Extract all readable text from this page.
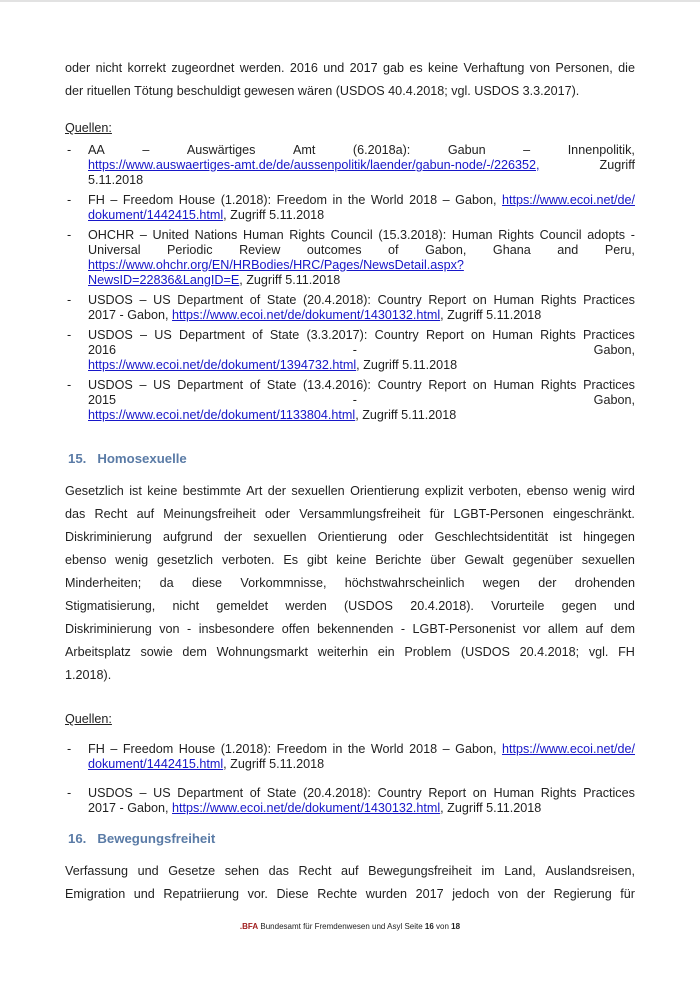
oder nicht korrekt zugeordnet werden. 2016 und 2017 gab es keine Verhaftung von Personen, die
der rituellen Tötung beschuldigt gewesen wären (USDOS 40.4.2018; vgl. USDOS 3.3.2017).
Quellen:
-	AA	–	Auswärtiges	Amt	(6.2018a):	Gabun	–	Innenpolitik,
https://www.auswaertiges-amt.de/de/aussenpolitik/laender/gabun-node/-/226352,	Zugriff
5.11.2018
-	FH – Freedom House (1.2018): Freedom in the World 2018 – Gabon, https://www.ecoi.net/de/
dokument/1442415.html, Zugriff 5.11.2018
-	OHCHR – United Nations Human Rights Council (15.3.2018): Human Rights Council adopts -
Universal Periodic Review outcomes of Gabon, Ghana and Peru,
https://www.ohchr.org/EN/HRBodies/HRC/Pages/NewsDetail.aspx?
NewsID=22836&LangID=E, Zugriff 5.11.2018
-	USDOS – US Department of State (20.4.2018): Country Report on Human Rights Practices
2017 - Gabon, https://www.ecoi.net/de/dokument/1430132.html, Zugriff 5.11.2018
-	USDOS – US Department of State (3.3.2017): Country Report on Human Rights Practices
2016	-	Gabon,
https://www.ecoi.net/de/dokument/1394732.html, Zugriff 5.11.2018
-	USDOS – US Department of State (13.4.2016): Country Report on Human Rights Practices
2015	-	Gabon,
https://www.ecoi.net/de/dokument/1133804.html, Zugriff 5.11.2018
15. Homosexuelle
Gesetzlich ist keine bestimmte Art der sexuellen Orientierung explizit verboten, ebenso wenig wird
das Recht auf Meinungsfreiheit oder Versammlungsfreiheit für LGBT-Personen eingeschränkt.
Diskriminierung aufgrund der sexuellen Orientierung oder Geschlechtsidentität ist hingegen
ebenso wenig gesetzlich verboten. Es gibt keine Berichte über Gewalt gegenüber sexuellen
Minderheiten; da diese Vorkommnisse, höchstwahrscheinlich wegen der drohenden
Stigmatisierung, nicht gemeldet werden (USDOS 20.4.2018). Vorurteile gegen und
Diskriminierung von - insbesondere offen bekennenden - LGBT-Personenist vor allem auf dem
Arbeitsplatz sowie dem Wohnungsmarkt weiterhin ein Problem (USDOS 20.4.2018; vgl. FH
1.2018).
Quellen:
-	FH – Freedom House (1.2018): Freedom in the World 2018 – Gabon, https://www.ecoi.net/de/
dokument/1442415.html, Zugriff 5.11.2018
-	USDOS – US Department of State (20.4.2018): Country Report on Human Rights Practices
2017 - Gabon, https://www.ecoi.net/de/dokument/1430132.html, Zugriff 5.11.2018
16. Bewegungsfreiheit
Verfassung und Gesetze sehen das Recht auf Bewegungsfreiheit im Land, Auslandsreisen,
Emigration und Repatriierung vor. Diese Rechte wurden 2017 jedoch von der Regierung für
.BFA Bundesamt für Fremdenwesen und Asyl Seite 16 von 18
